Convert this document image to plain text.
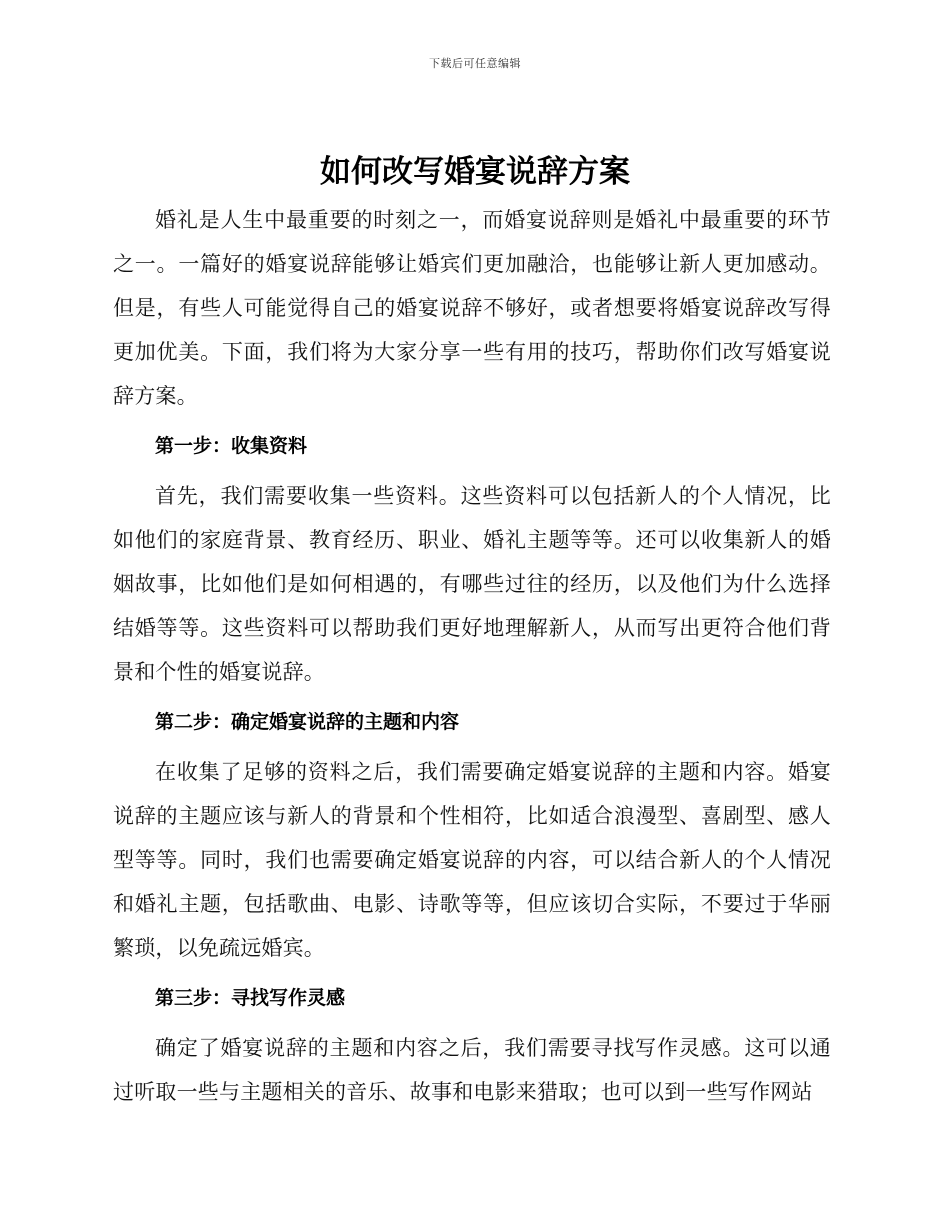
下载后可任意编辑
如何改写婚宴说辞方案

婚礼是人生中最重要的时刻之一，而婚宴说辞则是婚礼中最重要的环节之一。一篇好的婚宴说辞能够让婚宾们更加融洽，也能够让新人更加感动。但是，有些人可能觉得自己的婚宴说辞不够好，或者想要将婚宴说辞改写得更加优美。下面，我们将为大家分享一些有用的技巧，帮助你们改写婚宴说辞方案。

第一步：收集资料

首先，我们需要收集一些资料。这些资料可以包括新人的个人情况，比如他们的家庭背景、教育经历、职业、婚礼主题等等。还可以收集新人的婚姻故事，比如他们是如何相遇的，有哪些过往的经历，以及他们为什么选择结婚等等。这些资料可以帮助我们更好地理解新人，从而写出更符合他们背景和个性的婚宴说辞。

第二步：确定婚宴说辞的主题和内容

在收集了足够的资料之后，我们需要确定婚宴说辞的主题和内容。婚宴说辞的主题应该与新人的背景和个性相符，比如适合浪漫型、喜剧型、感人型等等。同时，我们也需要确定婚宴说辞的内容，可以结合新人的个人情况和婚礼主题，包括歌曲、电影、诗歌等等，但应该切合实际，不要过于华丽繁琐，以免疏远婚宾。

第三步：寻找写作灵感

确定了婚宴说辞的主题和内容之后，我们需要寻找写作灵感。这可以通过听取一些与主题相关的音乐、故事和电影来猎取；也可以到一些写作网站
